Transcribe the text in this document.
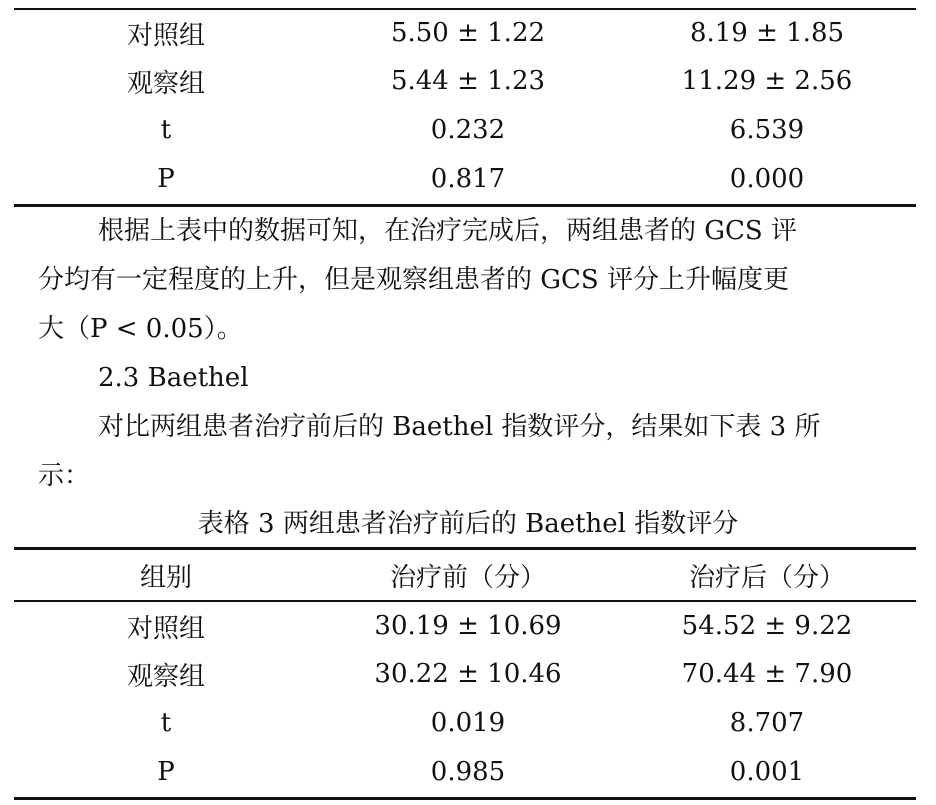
对照组	5.50 ± 1.22	8.19 ± 1.85
观察组	5.44 ± 1.23	11.29 ± 2.56
t	0.232	6.539
P	0.817	0.000

根据上表中的数据可知，在治疗完成后，两组患者的 GCS 评

分均有一定程度的上升，但是观察组患者的 GCS 评分上升幅度更

大（P < 0.05）。

2.3 Baethel

对比两组患者治疗前后的 Baethel 指数评分，结果如下表 3 所

示：

表格 3 两组患者治疗前后的 Baethel 指数评分
组别	治疗前（分）	治疗后（分）
对照组	30.19 ± 10.69	54.52 ± 9.22
观察组	30.22 ± 10.46	70.44 ± 7.90
t	0.019	8.707
P	0.985	0.001
